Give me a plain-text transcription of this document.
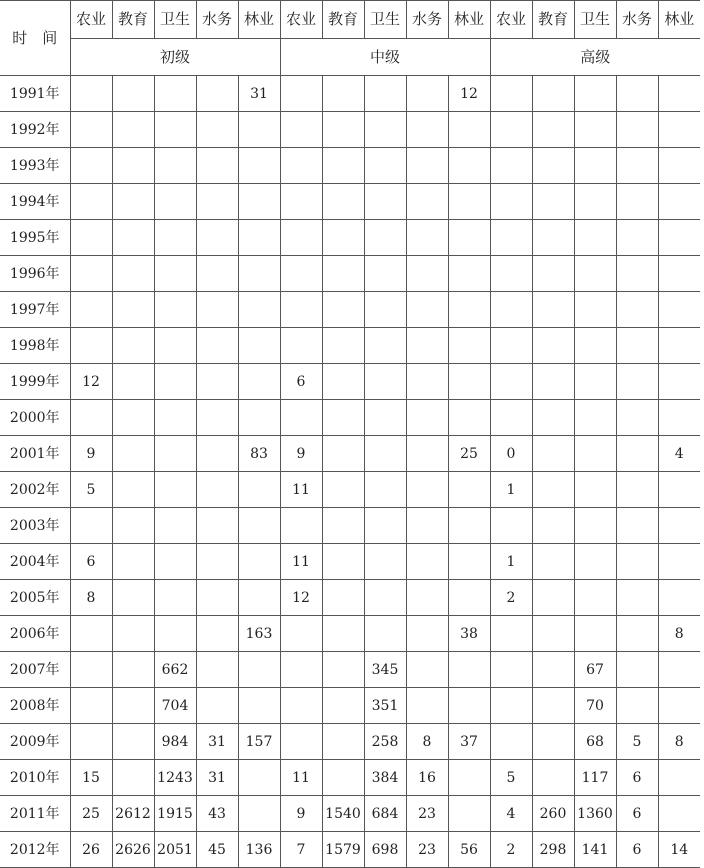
时　间	农业	教育	卫生	水务	林业	农业	教育	卫生	水务	林业	农业	教育	卫生	水务	林业
	初级					中级					高级				
1991年					31					12					
1992年															
1993年															
1994年															
1995年															
1996年															
1997年															
1998年															
1999年	12					6									
2000年															
2001年	9				83	9				25	0				4
2002年	5					11					1				
2003年															
2004年	6					11					1				
2005年	8					12					2				
2006年					163					38					8
2007年			662					345					67		
2008年			704					351					70		
2009年			984	31	157			258	8	37			68	5	8
2010年	15		1243	31		11		384	16		5		117	6	
2011年	25	2612	1915	43		9	1540	684	23		4	260	1360	6	
2012年	26	2626	2051	45	136	7	1579	698	23	56	2	298	141	6	14
